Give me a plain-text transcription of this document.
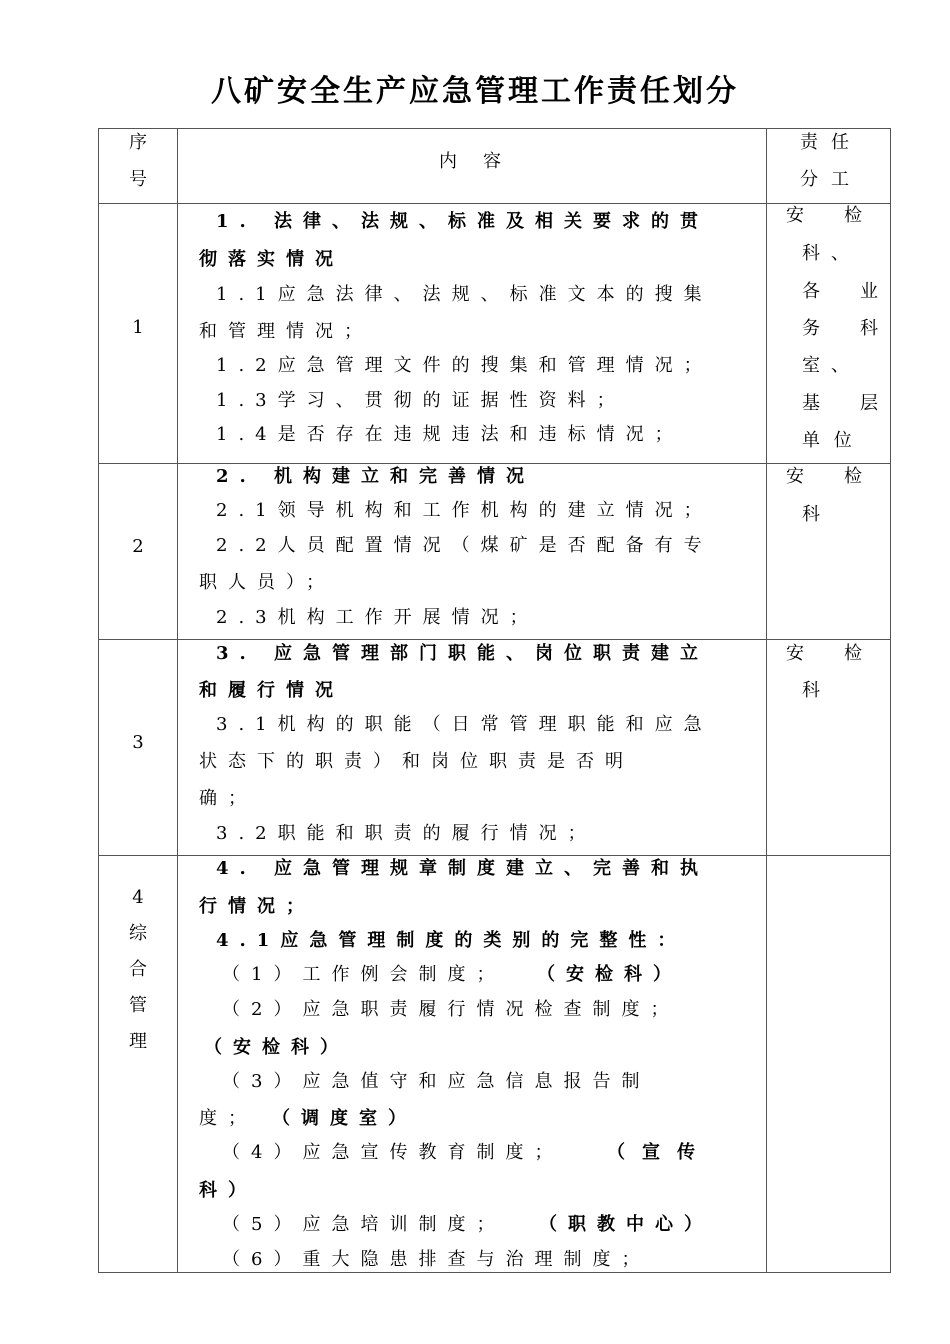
八矿安全生产应急管理工作责任划分
序
号
内　容
责任
分工
1
1. 法律、法规、标准及相关要求的贯
彻落实情况
1.1应急法律、法规、标准文本的搜集
和管理情况；
1.2应急管理文件的搜集和管理情况；
1.3学习、贯彻的证据性资料；
1.4是否存在违规违法和违标情况；
安　检
科、
各　业
务　科
室、
基　层
单 位
2
2. 机构建立和完善情况
2.1领导机构和工作机构的建立情况；
2.2人员配置情况（煤矿是否配备有专
职人员）；
2.3机构工作开展情况；
安　检
科
3
3. 应急管理部门职能、岗位职责建立
和履行情况
3.1机构的职能（日常管理职能和应急
状态下的职责）和岗位职责是否明
确；
3.2职能和职责的履行情况；
安　检
科
4
综
合
管
理
4. 应急管理规章制度建立、完善和执
行情况；
4.1应急管理制度的类别的完整性：
（1）工作例会制度； （安检科）
（2）应急职责履行情况检查制度；
（安检科）
（3）应急值守和应急信息报告制
度； （调度室）
（4）应急宣传教育制度； （宣传
科）
（5）应急培训制度； （职教中心）
（6）重大隐患排查与治理制度；
